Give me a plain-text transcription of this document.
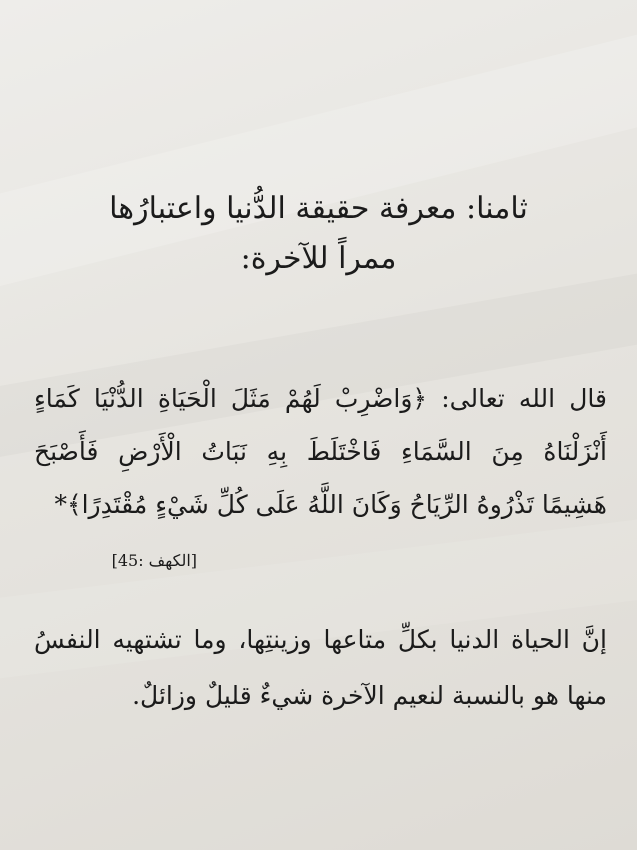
ثامنا: معرفة حقيقة الدُّنيا واعتبارُها
ممراً للآخرة:
قال الله تعالى: ﴿وَاضْرِبْ لَهُمْ مَثَلَ الْحَيَاةِ الدُّنْيَا كَمَاءٍ
أَنْزَلْنَاهُ مِنَ السَّمَاءِ فَاخْتَلَطَ بِهِ نَبَاتُ الْأَرْضِ فَأَصْبَحَ
هَشِيمًا تَذْرُوهُ الرِّيَاحُ وَكَانَ اللَّهُ عَلَى كُلِّ شَيْءٍ مُقْتَدِرًا﴾*
[الكهف :45]
إنَّ الحياة الدنيا بكلِّ متاعها وزينتِها، وما تشتهيه النفسُ
منها هو بالنسبة لنعيم الآخرة شيءٌ قليلٌ وزائلٌ.
